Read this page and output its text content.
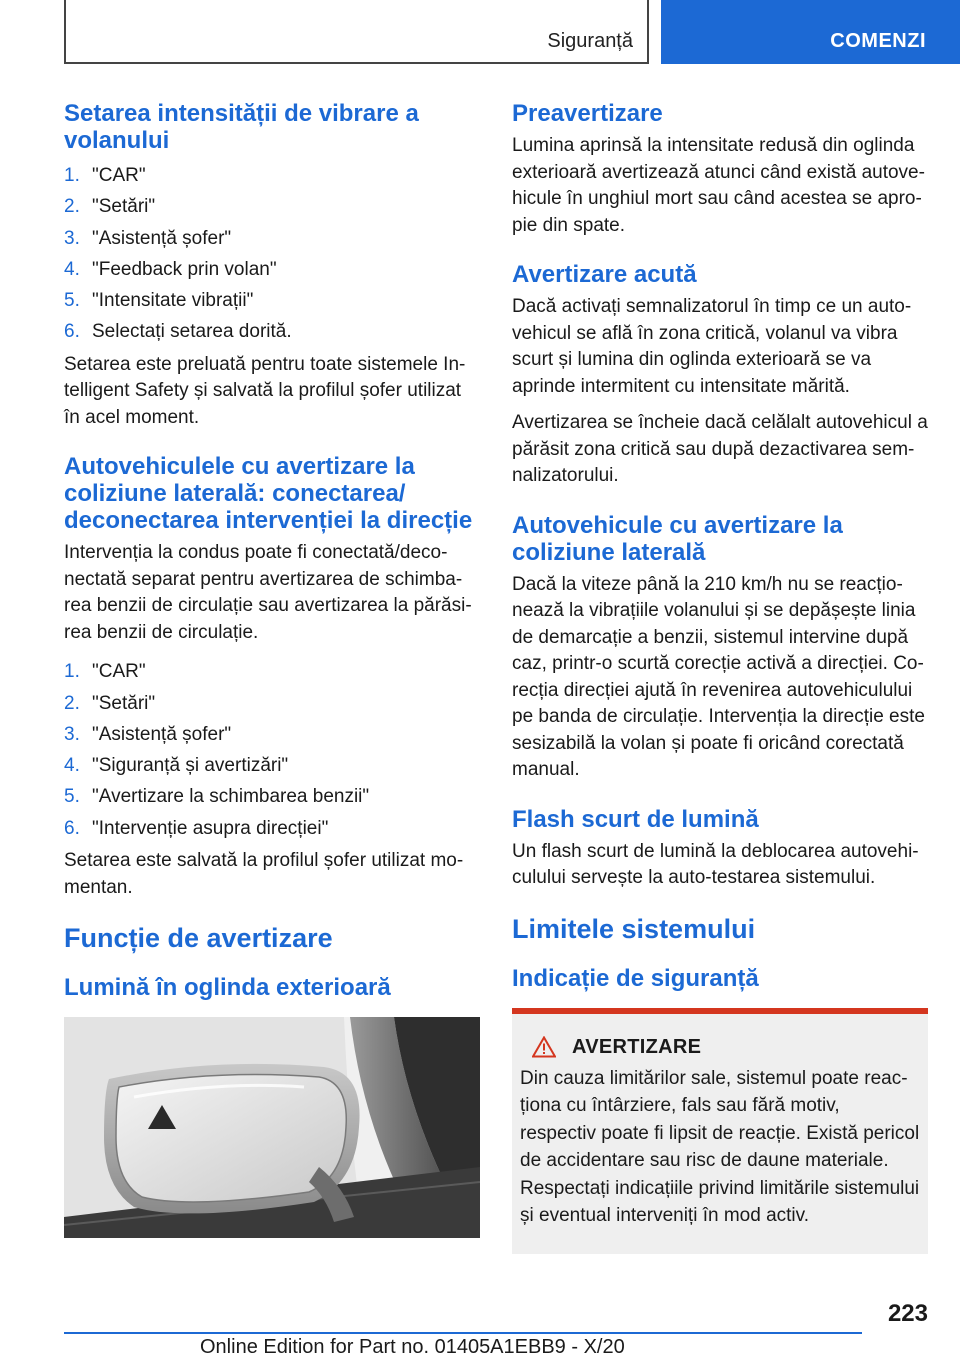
Siguranță	COMENZI
Setarea intensității de vibrare a volanului
1. "CAR"
2. "Setări"
3. "Asistență șofer"
4. "Feedback prin volan"
5. "Intensitate vibrații"
6. Selectați setarea dorită.

Setarea este preluată pentru toate sistemele Intelligent Safety și salvată la profilul șofer utilizat în acel moment.

Autovehiculele cu avertizare la coliziune laterală: conectarea/ deconectarea intervenției la direcție

Intervenția la condus poate fi conectată/deconectată separat pentru avertizarea de schimbarea benzii de circulație sau avertizarea la părăsirea benzii de circulație.

1. "CAR"
2. "Setări"
3. "Asistență șofer"
4. "Siguranță și avertizări"
5. "Avertizare la schimbarea benzii"
6. "Intervenție asupra direcției"

Setarea este salvată la profilul șofer utilizat momentan.

Funcție de avertizare
Lumină în oglinda exterioară
Preavertizare

Lumina aprinsă la intensitate redusă din oglinda exterioară avertizează atunci când există autovehicule în unghiul mort sau când acestea se apropie din spate.

Avertizare acută

Dacă activați semnalizatorul în timp ce un autovehicul se află în zona critică, volanul va vibra scurt și lumina din oglinda exterioară se va aprinde intermitent cu intensitate mărită.

Avertizarea se încheie dacă celălalt autovehicul a părăsit zona critică sau după dezactivarea semnalizatorului.

Autovehicule cu avertizare la coliziune laterală

Dacă la viteze până la 210 km/h nu se reacționează la vibrațiile volanului și se depășește linia de demarcație a benzii, sistemul intervine după caz, printr-o scurtă corecție activă a direcției. Corecția direcției ajută în revenirea autovehiculului pe banda de circulație. Intervenția la direcție este sesizabilă la volan și poate fi oricând corectată manual.

Flash scurt de lumină

Un flash scurt de lumină la deblocarea autovehiculului servește la auto-testarea sistemului.

Limitele sistemului
Indicație de siguranță
AVERTIZARE

Din cauza limitărilor sale, sistemul poate reacționa cu întârziere, fals sau fără motiv, respectiv poate fi lipsit de reacție. Există pericol de accidentare sau risc de daune materiale. Respectați indicațiile privind limitările sistemului și eventual interveniți în mod activ.

223
Online Edition for Part no. 01405A1EBB9 - X/20
